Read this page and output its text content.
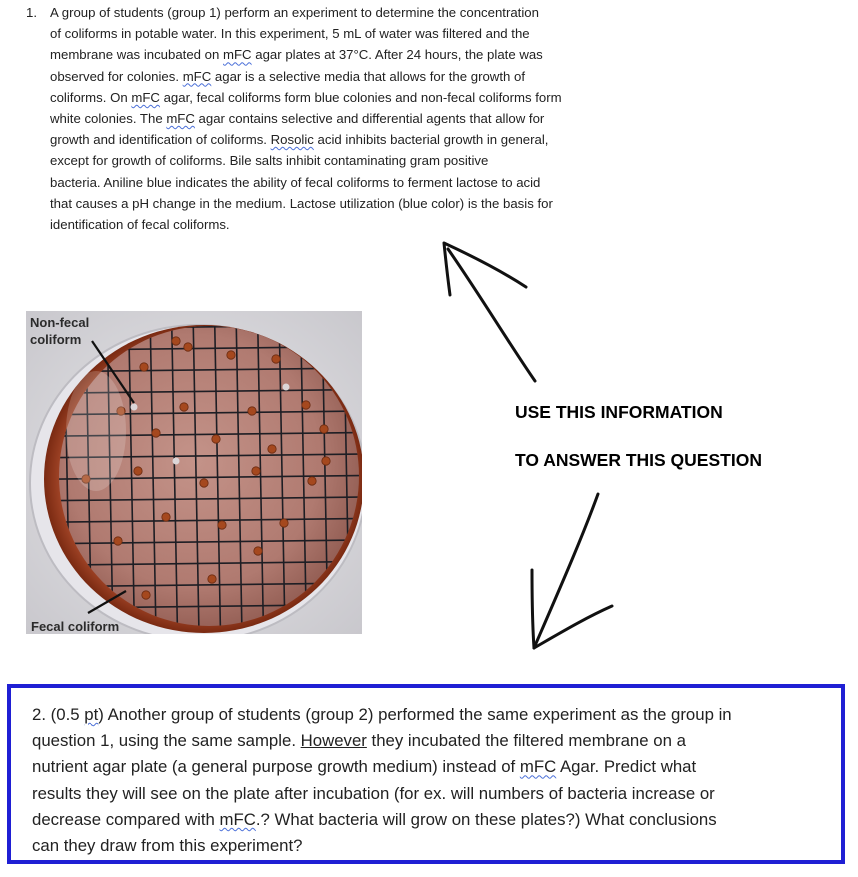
1. A group of students (group 1) perform an experiment to determine the concentration

of coliforms in potable water. In this experiment, 5 mL of water was filtered and the

membrane was incubated on mFC agar plates at 37°C. After 24 hours, the plate was

observed for colonies. mFC agar is a selective media that allows for the growth of

coliforms. On mFC agar, fecal coliforms form blue colonies and non-fecal coliforms form

white colonies. The mFC agar contains selective and differential agents that allow for

growth and identification of coliforms. Rosolic acid inhibits bacterial growth in general,

except for growth of coliforms. Bile salts inhibit contaminating gram positive

bacteria. Aniline blue indicates the ability of fecal coliforms to ferment lactose to acid

that causes a pH change in the medium. Lactose utilization (blue color) is the basis for

identification of fecal coliforms.

Non-fecal
coliform
Fecal coliform
USE THIS INFORMATION
TO ANSWER THIS QUESTION

2. (0.5 pt) Another group of students (group 2) performed the same experiment as the group in

question 1, using the same sample. However they incubated the filtered membrane on a

nutrient agar plate (a general purpose growth medium) instead of mFC Agar. Predict what

results they will see on the plate after incubation (for ex. will numbers of bacteria increase or

decrease compared with mFC.? What bacteria will grow on these plates?) What conclusions

can they draw from this experiment?
